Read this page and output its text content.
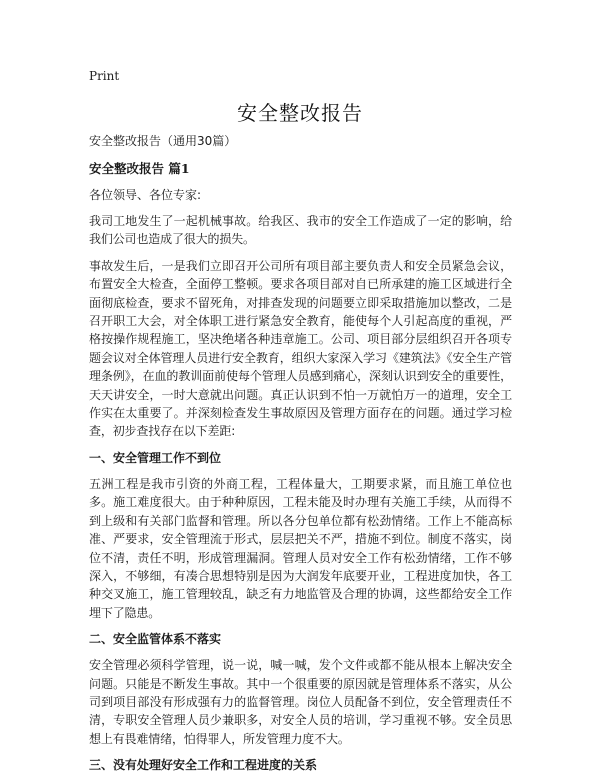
Print
安全整改报告

安全整改报告（通用30篇）

安全整改报告 篇1

各位领导、各位专家:

我司工地发生了一起机械事故。给我区、我市的安全工作造成了一定的影响，给我们公司也造成了很大的损失。

事故发生后，一是我们立即召开公司所有项目部主要负责人和安全员紧急会议，布置安全大检查，全面停工整顿。要求各项目部对自已所承建的施工区域进行全面彻底检查，要求不留死角，对排查发现的问题要立即采取措施加以整改，二是召开职工大会，对全体职工进行紧急安全教育，能使每个人引起高度的重视，严格按操作规程施工，坚决绝堵各种违章施工。公司、项目部分层组织召开各项专题会议对全体管理人员进行安全教育，组织大家深入学习《建筑法》《安全生产管理条例》，在血的教训面前使每个管理人员感到痛心，深刻认识到安全的重要性，天天讲安全，一时大意就出问题。真正认识到不怕一万就怕万一的道理，安全工作实在太重要了。并深刻检查发生事故原因及管理方面存在的问题。通过学习检查，初步查找存在以下差距:

一、安全管理工作不到位

五洲工程是我市引资的外商工程，工程体量大，工期要求紧，而且施工单位也多。施工难度很大。由于种种原因，工程未能及时办理有关施工手续，从而得不到上级和有关部门监督和管理。所以各分包单位都有松劲情绪。工作上不能高标准、严要求，安全管理流于形式，层层把关不严，措施不到位。制度不落实，岗位不清，责任不明，形成管理漏洞。管理人员对安全工作有松劲情绪，工作不够深入，不够细，有凑合思想特别是因为大润发年底要开业，工程进度加快，各工种交叉施工，施工管理较乱，缺乏有力地监管及合理的协调，这些都给安全工作埋下了隐患。

二、安全监管体系不落实

安全管理必须科学管理，说一说，喊一喊，发个文件或都不能从根本上解决安全问题。只能是不断发生事故。其中一个很重要的原因就是管理体系不落实，从公司到项目部没有形成强有力的监督管理。岗位人员配备不到位，安全管理责任不清，专职安全管理人员少兼职多，对安全人员的培训，学习重视不够。安全员思想上有畏难情绪，怕得罪人，所发管理力度不大。

三、没有处理好安全工作和工程进度的关系
